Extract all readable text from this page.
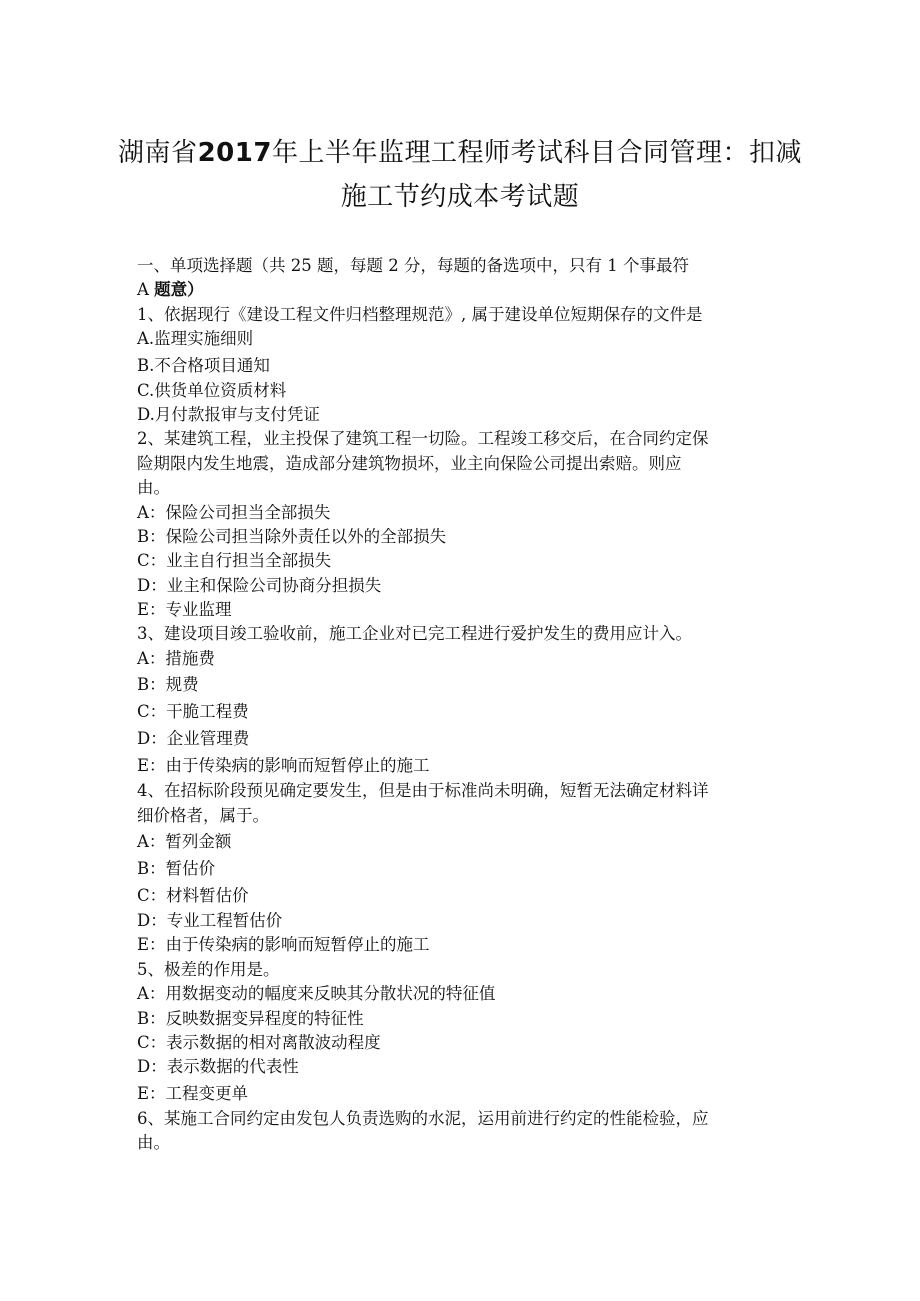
湖南省2017年上半年监理工程师考试科目合同管理：扣减
施工节约成本考试题
一、单项选择题（共 25 题，每题 2 分，每题的备选项中，只有 1 个事最符
A 题意）
1、依据现行《建设工程文件归档整理规范》, 属于建设单位短期保存的文件是
A.监理实施细则
B.不合格项目通知
C.供货单位资质材料
D.月付款报审与支付凭证
2、某建筑工程，业主投保了建筑工程一切险。工程竣工移交后，在合同约定保
险期限内发生地震，造成部分建筑物损坏，业主向保险公司提出索赔。则应
由。
A：保险公司担当全部损失
B：保险公司担当除外责任以外的全部损失
C：业主自行担当全部损失
D：业主和保险公司协商分担损失
E：专业监理
3、建设项目竣工验收前，施工企业对已完工程进行爱护发生的费用应计入。
A：措施费
B：规费
C：干脆工程费
D：企业管理费
E：由于传染病的影响而短暂停止的施工
4、在招标阶段预见确定要发生，但是由于标准尚未明确，短暂无法确定材料详
细价格者，属于。
A：暂列金额
B：暂估价
C：材料暂估价
D：专业工程暂估价
E：由于传染病的影响而短暂停止的施工
5、极差的作用是。
A：用数据变动的幅度来反映其分散状况的特征值
B：反映数据变异程度的特征性
C：表示数据的相对离散波动程度
D：表示数据的代表性
E：工程变更单
6、某施工合同约定由发包人负责选购的水泥，运用前进行约定的性能检验，应
由。
